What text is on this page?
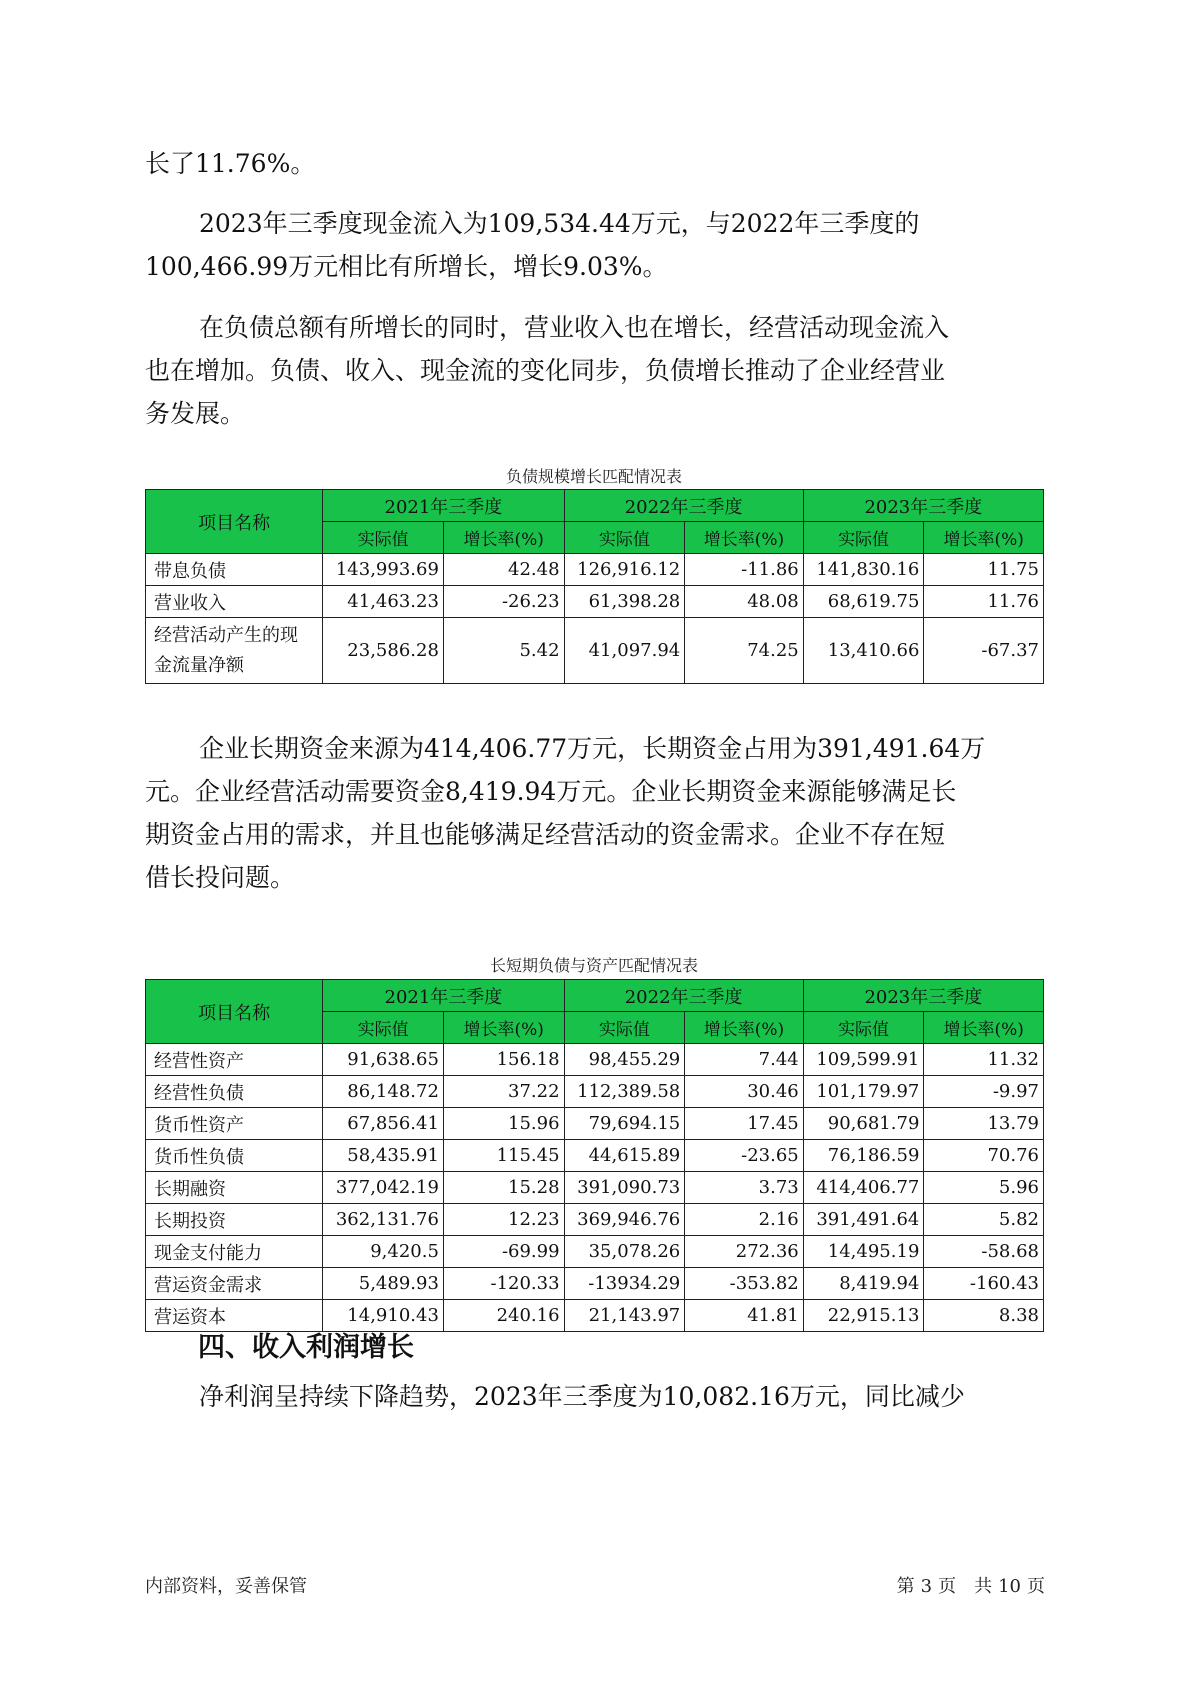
长了11.76%。
2023年三季度现金流入为109,534.44万元，与2022年三季度的
100,466.99万元相比有所增长，增长9.03%。
在负债总额有所增长的同时，营业收入也在增长，经营活动现金流入
也在增加。负债、收入、现金流的变化同步，负债增长推动了企业经营业
务发展。
负债规模增长匹配情况表
项目名称	2021年三季度		2022年三季度		2023年三季度	
	实际值	增长率(%)	实际值	增长率(%)	实际值	增长率(%)
带息负债	143,993.69	42.48	126,916.12	-11.86	141,830.16	11.75
营业收入	41,463.23	-26.23	61,398.28	48.08	68,619.75	11.76
经营活动产生的现
金流量净额	23,586.28	5.42	41,097.94	74.25	13,410.66	-67.37
企业长期资金来源为414,406.77万元，长期资金占用为391,491.64万
元。企业经营活动需要资金8,419.94万元。企业长期资金来源能够满足长
期资金占用的需求，并且也能够满足经营活动的资金需求。企业不存在短
借长投问题。
长短期负债与资产匹配情况表
项目名称	2021年三季度		2022年三季度		2023年三季度	
	实际值	增长率(%)	实际值	增长率(%)	实际值	增长率(%)
经营性资产	91,638.65	156.18	98,455.29	7.44	109,599.91	11.32
经营性负债	86,148.72	37.22	112,389.58	30.46	101,179.97	-9.97
货币性资产	67,856.41	15.96	79,694.15	17.45	90,681.79	13.79
货币性负债	58,435.91	115.45	44,615.89	-23.65	76,186.59	70.76
长期融资	377,042.19	15.28	391,090.73	3.73	414,406.77	5.96
长期投资	362,131.76	12.23	369,946.76	2.16	391,491.64	5.82
现金支付能力	9,420.5	-69.99	35,078.26	272.36	14,495.19	-58.68
营运资金需求	5,489.93	-120.33	-13934.29	-353.82	8,419.94	-160.43
营运资本	14,910.43	240.16	21,143.97	41.81	22,915.13	8.38
四、收入利润增长
净利润呈持续下降趋势，2023年三季度为10,082.16万元，同比减少
内部资料，妥善保管	第 3 页 共 10 页
